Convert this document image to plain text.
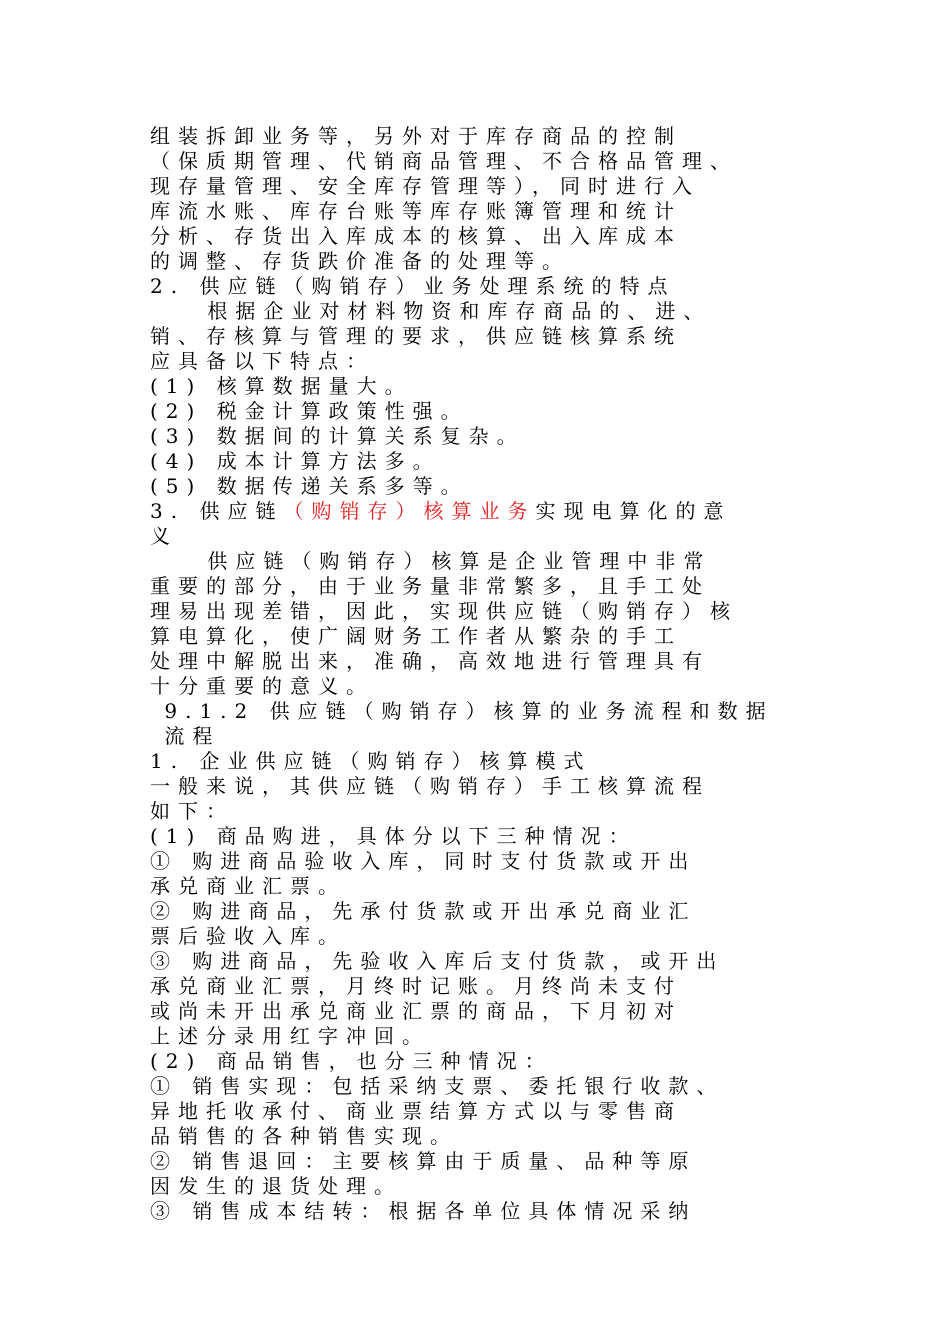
组装拆卸业务等，另外对于库存商品的控制
（保质期管理、代销商品管理、不合格品管理、
现存量管理、安全库存管理等），同时进行入
库流水账、库存台账等库存账簿管理和统计
分析、存货出入库成本的核算、出入库成本
的调整、存货跌价准备的处理等。
2. 供应链（购销存）业务处理系统的特点
根据企业对材料物资和库存商品的、进、
销、存核算与管理的要求，供应链核算系统
应具备以下特点：
(1) 核算数据量大。
(2) 税金计算政策性强。
(3) 数据间的计算关系复杂。
(4) 成本计算方法多。
(5) 数据传递关系多等。
3. 供应链（购销存）核算业务实现电算化的意
义
供应链（购销存）核算是企业管理中非常
重要的部分，由于业务量非常繁多，且手工处
理易出现差错，因此，实现供应链（购销存）核
算电算化，使广阔财务工作者从繁杂的手工
处理中解脱出来，准确，高效地进行管理具有
十分重要的意义。
9.1.2 供应链（购销存）核算的业务流程和数据
流程
1. 企业供应链（购销存）核算模式
一般来说，其供应链（购销存）手工核算流程
如下：
(1) 商品购进，具体分以下三种情况：
① 购进商品验收入库，同时支付货款或开出
承兑商业汇票。
② 购进商品，先承付货款或开出承兑商业汇
票后验收入库。
③ 购进商品，先验收入库后支付货款，或开出
承兑商业汇票，月终时记账。月终尚未支付
或尚未开出承兑商业汇票的商品，下月初对
上述分录用红字冲回。
(2) 商品销售，也分三种情况：
① 销售实现：包括采纳支票、委托银行收款、
异地托收承付、商业票结算方式以与零售商
品销售的各种销售实现。
② 销售退回：主要核算由于质量、品种等原
因发生的退货处理。
③ 销售成本结转：根据各单位具体情况采纳
